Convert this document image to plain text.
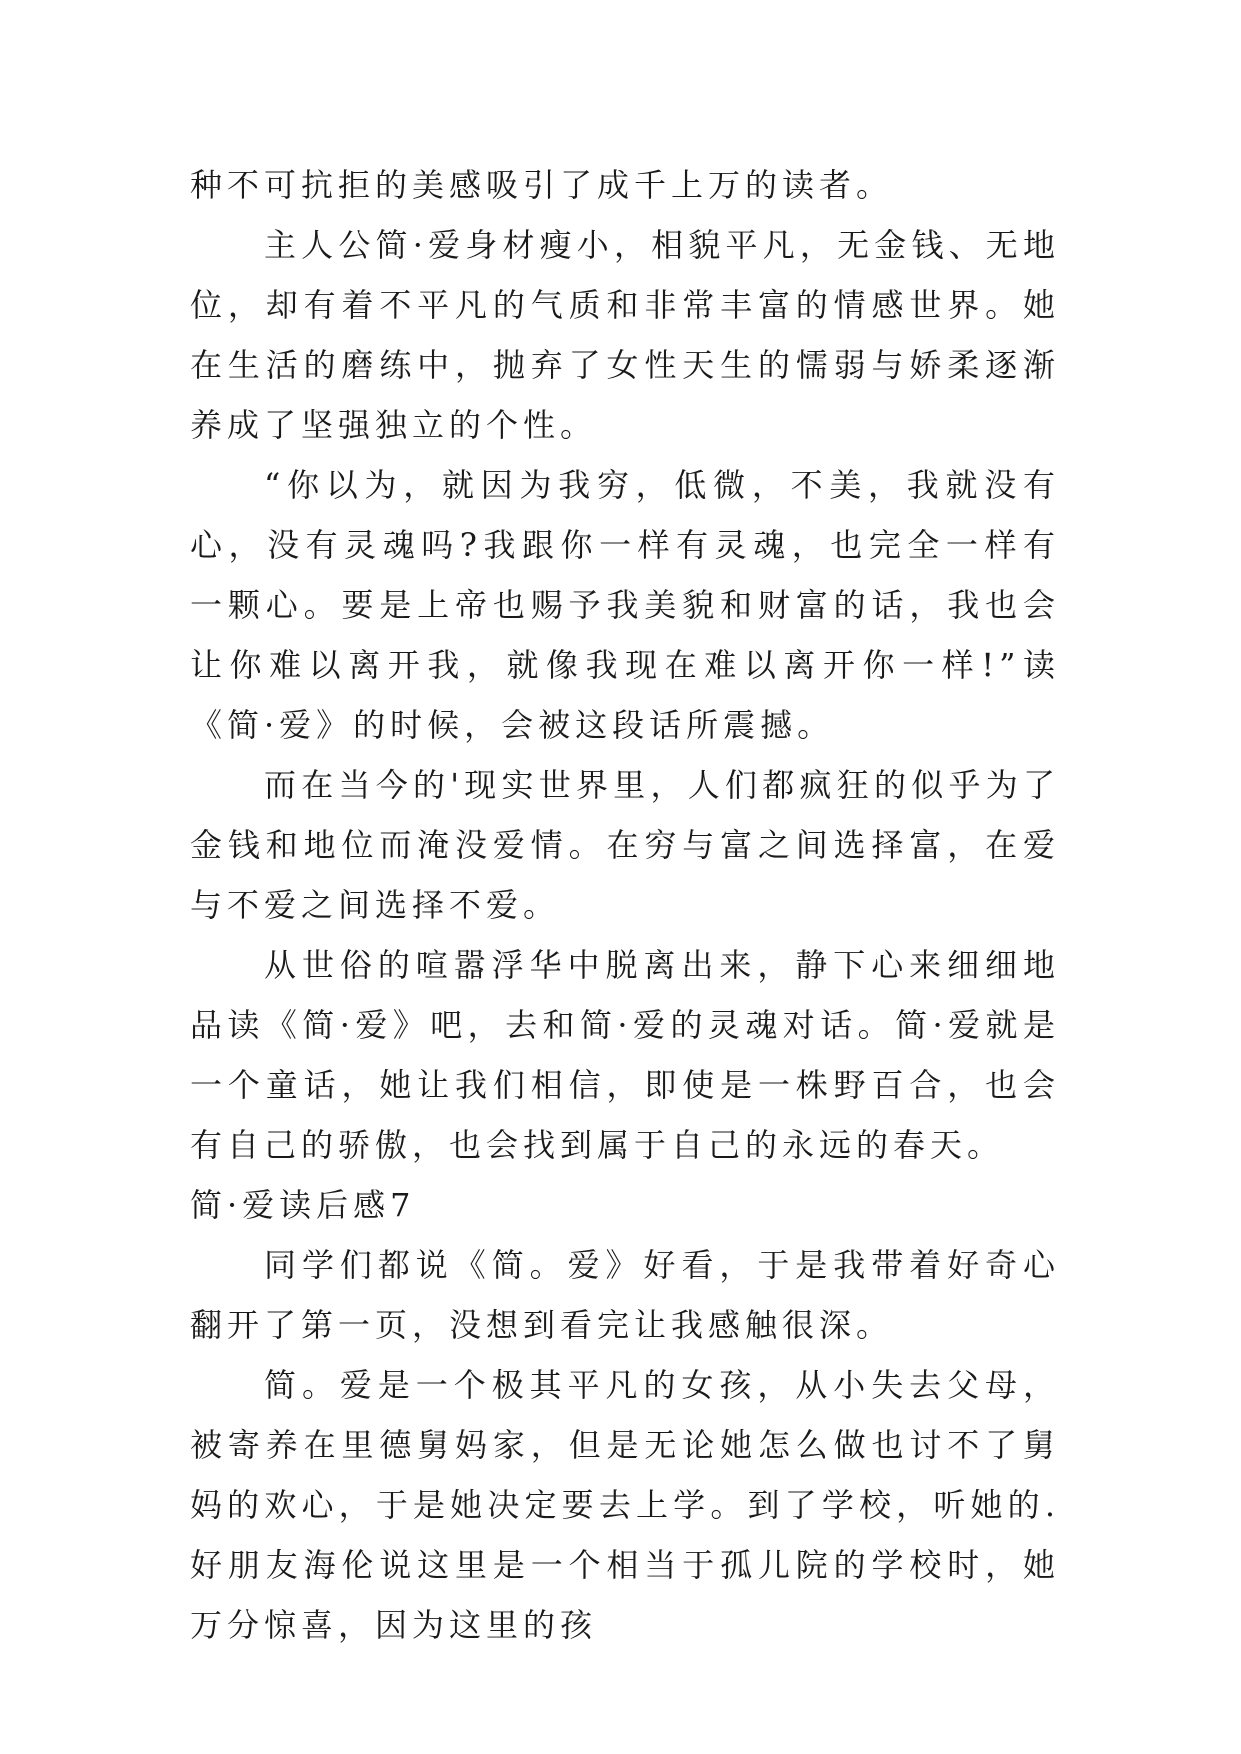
种不可抗拒的美感吸引了成千上万的读者。

主人公简·爱身材瘦小，相貌平凡，无金钱、无地位，却有着不平凡的气质和非常丰富的情感世界。她在生活的磨练中，抛弃了女性天生的懦弱与娇柔逐渐养成了坚强独立的个性。

“你以为，就因为我穷，低微，不美，我就没有心，没有灵魂吗?我跟你一样有灵魂，也完全一样有一颗心。要是上帝也赐予我美貌和财富的话，我也会让你难以离开我，就像我现在难以离开你一样!”读《简·爱》的时候，会被这段话所震撼。

而在当今的'现实世界里，人们都疯狂的似乎为了金钱和地位而淹没爱情。在穷与富之间选择富，在爱与不爱之间选择不爱。

从世俗的喧嚣浮华中脱离出来，静下心来细细地品读《简·爱》吧，去和简·爱的灵魂对话。简·爱就是一个童话，她让我们相信，即使是一株野百合，也会有自己的骄傲，也会找到属于自己的永远的春天。

简·爱读后感7

同学们都说《简。爱》好看，于是我带着好奇心翻开了第一页，没想到看完让我感触很深。

简。爱是一个极其平凡的女孩，从小失去父母，被寄养在里德舅妈家，但是无论她怎么做也讨不了舅妈的欢心，于是她决定要去上学。到了学校，听她的.好朋友海伦说这里是一个相当于孤儿院的学校时，她万分惊喜，因为这里的孩
